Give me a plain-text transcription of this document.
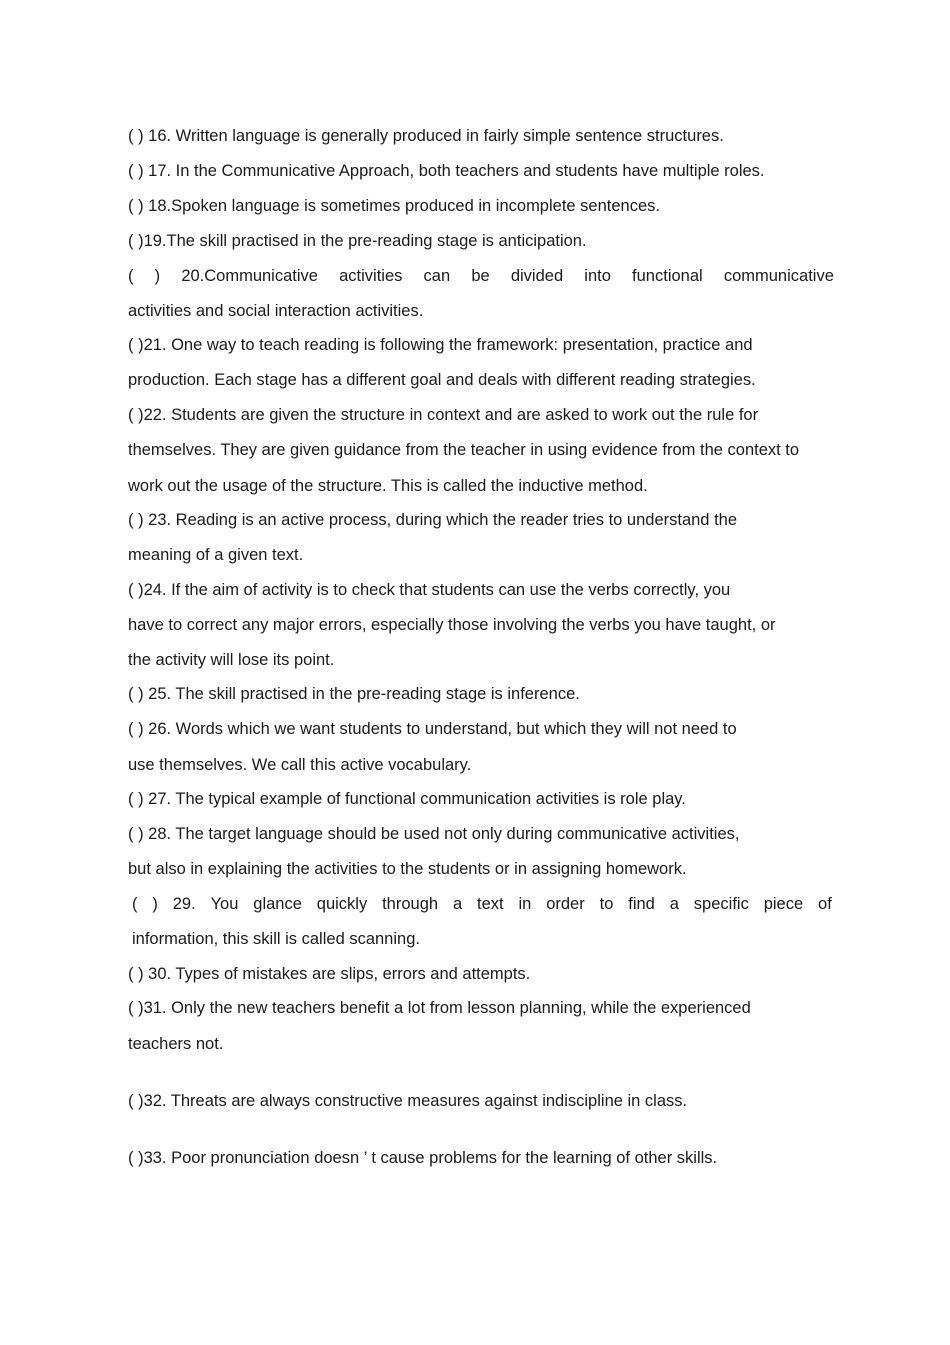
( ) 16. Written language is generally produced in fairly simple sentence structures.
( ) 17. In the Communicative Approach, both teachers and students have multiple roles.
( ) 18.Spoken language is sometimes produced in incomplete sentences.
( )19.The skill practised in the pre-reading stage is anticipation.
( ) 20.Communicative activities can be divided into functional communicative
activities and social interaction activities.
( )21. One way to teach reading is following the framework: presentation, practice and
production. Each stage has a different goal and deals with different reading strategies.
( )22. Students are given the structure in context and are asked to work out the rule for
themselves. They are given guidance from the teacher in using evidence from the context to
work out the usage of the structure. This is called the inductive method.
( ) 23. Reading is an active process, during which the reader tries to understand the
meaning of a given text.
( )24. If the aim of activity is to check that students can use the verbs correctly, you
have to correct any major errors, especially those involving the verbs you have taught, or
the activity will lose its point.
( ) 25. The skill practised in the pre-reading stage is inference.
( ) 26. Words which we want students to understand, but which they will not need to
use themselves. We call this active vocabulary.
( ) 27. The typical example of functional communication activities is role play.
( ) 28. The target language should be used not only during communicative activities,
but also in explaining the activities to the students or in assigning homework.
( ) 29. You glance quickly through a text in order to find a specific piece of
information, this skill is called scanning.
( ) 30. Types of mistakes are slips, errors and attempts.
( )31. Only the new teachers benefit a lot from lesson planning, while the experienced
teachers not.
( )32. Threats are always constructive measures against indiscipline in class.
( )33. Poor pronunciation doesn ’ t cause problems for the learning of other skills.
